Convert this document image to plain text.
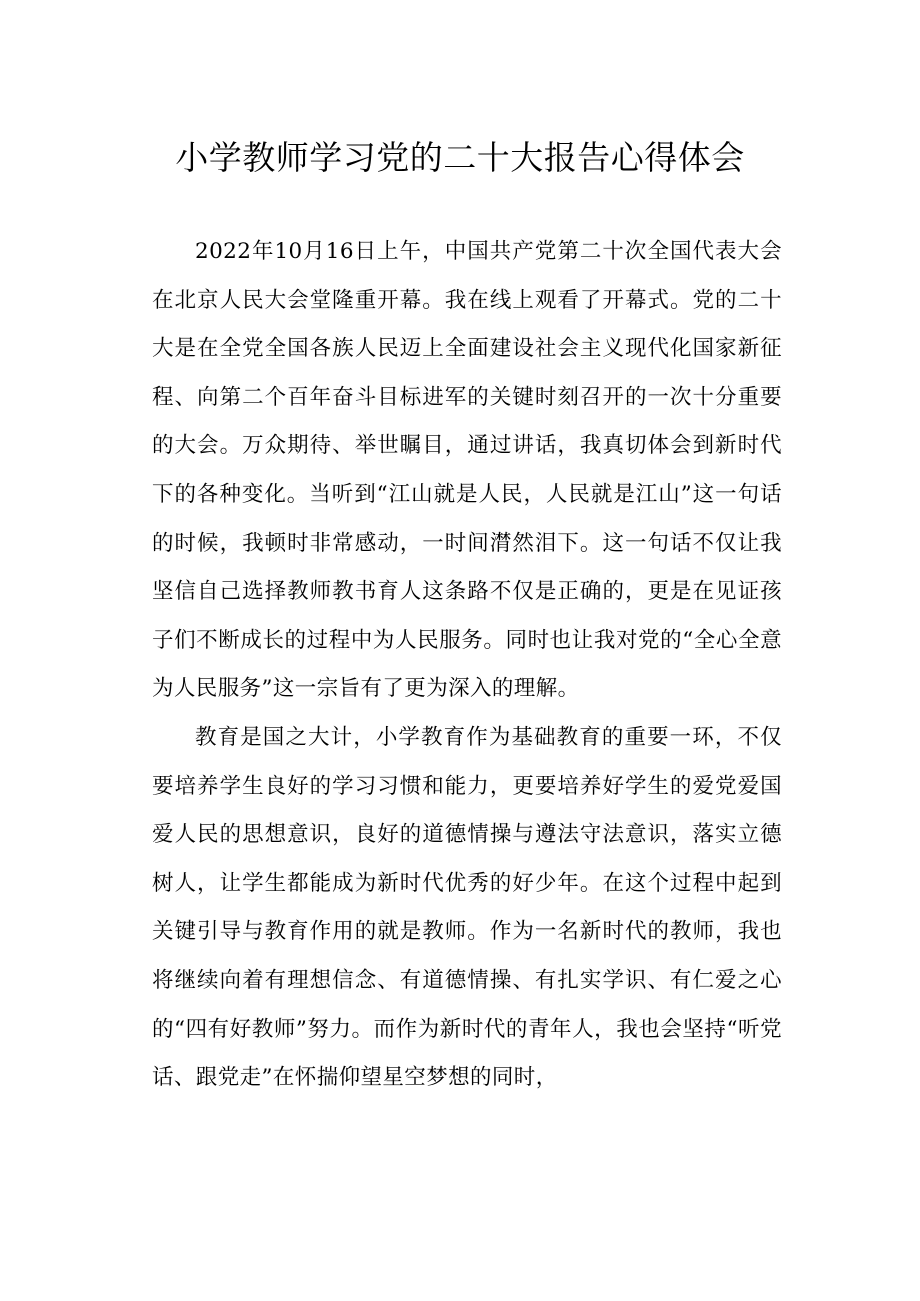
小学教师学习党的二十大报告心得体会

2022年10月16日上午，中国共产党第二十次全国代表大会在北京人民大会堂隆重开幕。我在线上观看了开幕式。党的二十大是在全党全国各族人民迈上全面建设社会主义现代化国家新征程、向第二个百年奋斗目标进军的关键时刻召开的一次十分重要的大会。万众期待、举世瞩目，通过讲话，我真切体会到新时代下的各种变化。当听到“江山就是人民，人民就是江山”这一句话的时候，我顿时非常感动，一时间潸然泪下。这一句话不仅让我坚信自己选择教师教书育人这条路不仅是正确的，更是在见证孩子们不断成长的过程中为人民服务。同时也让我对党的“全心全意为人民服务”这一宗旨有了更为深入的理解。

教育是国之大计，小学教育作为基础教育的重要一环，不仅要培养学生良好的学习习惯和能力，更要培养好学生的爱党爱国爱人民的思想意识，良好的道德情操与遵法守法意识，落实立德树人，让学生都能成为新时代优秀的好少年。在这个过程中起到关键引导与教育作用的就是教师。作为一名新时代的教师，我也将继续向着有理想信念、有道德情操、有扎实学识、有仁爱之心的“四有好教师”努力。而作为新时代的青年人，我也会坚持“听党话、跟党走”在怀揣仰望星空梦想的同时，
